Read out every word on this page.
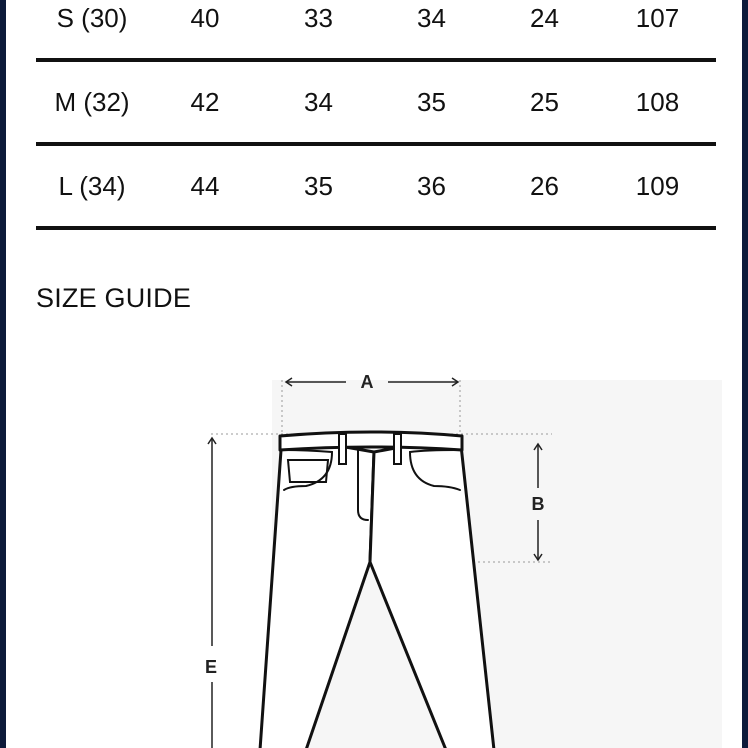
S (30)	40	33	34	24	107
M (32)	42	34	35	25	108
L (34)	44	35	36	26	109
SIZE GUIDE
A
B
E
